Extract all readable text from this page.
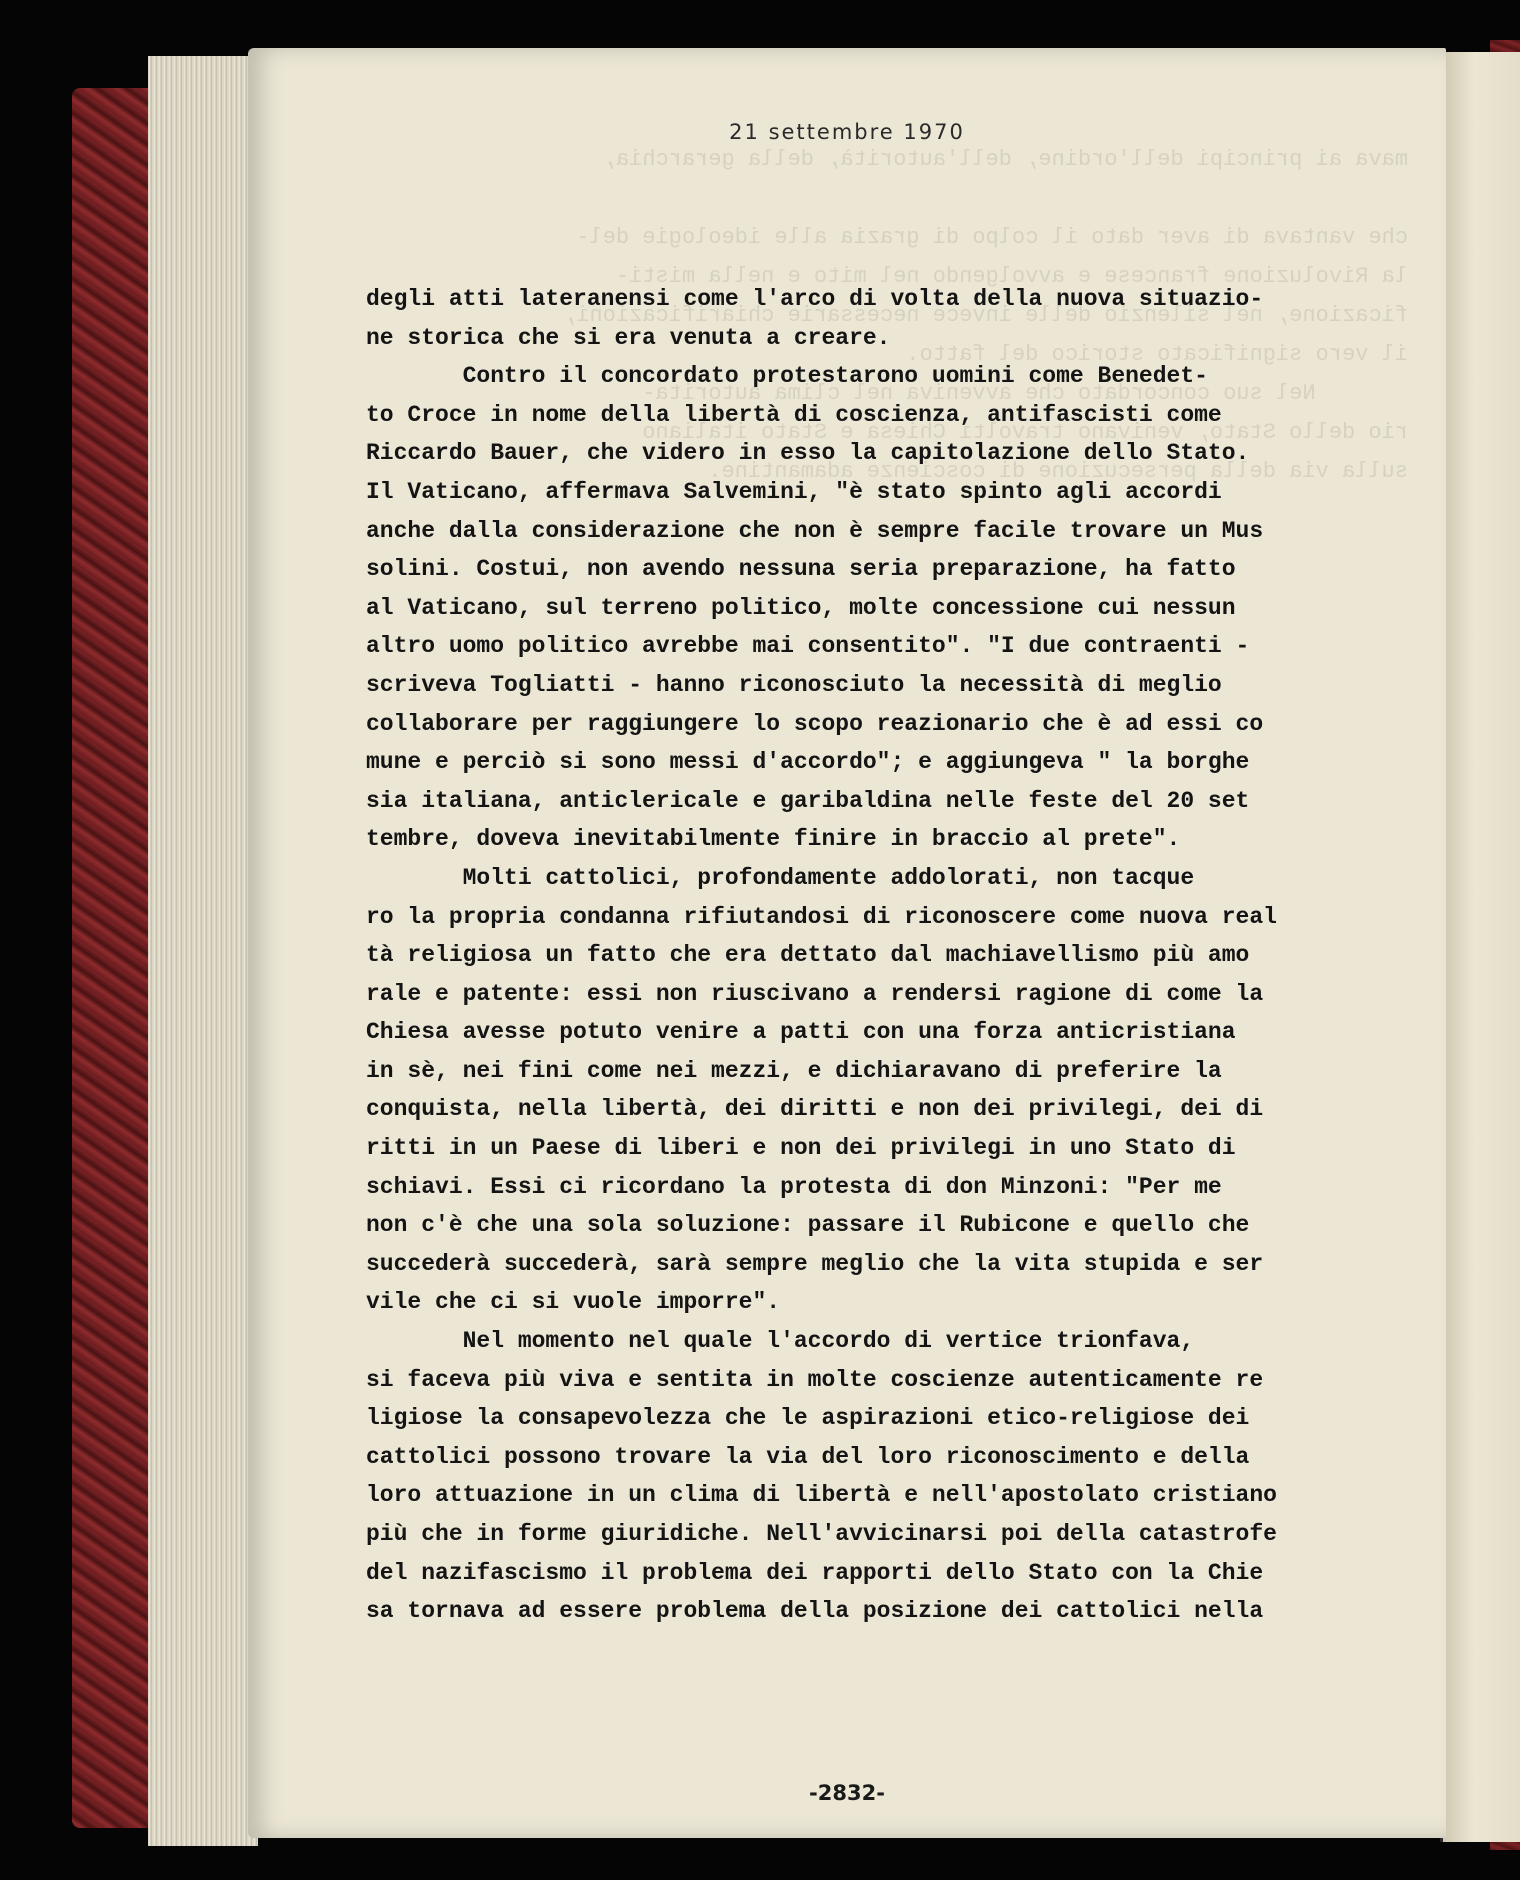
mava ai principi dell'ordine, dell'autorità, della gerarchia,

che vantava di aver dato il colpo di grazia alle ideologie del-
la Rivoluzione francese e avvolgendo nel mito e nella misti-
ficazione, nel silenzio delle invece necessarie chiarificazioni,
il vero significato storico del fatto.
Nel suo concordato che avveniva nel clima autorita-
rio dello Stato, venivano travolti Chiesa e Stato italiano
sulla via della persecuzione di coscienze adamantine.
21 settembre 1970
degli atti lateranensi come l'arco di volta della nuova situazio-
ne storica che si era venuta a creare.
Contro il concordato protestarono uomini come Benedet-
to Croce in nome della libertà di coscienza, antifascisti come
Riccardo Bauer, che videro in esso la capitolazione dello Stato.
Il Vaticano, affermava Salvemini, "è stato spinto agli accordi
anche dalla considerazione che non è sempre facile trovare un Mus
solini. Costui, non avendo nessuna seria preparazione, ha fatto
al Vaticano, sul terreno politico, molte concessione cui nessun
altro uomo politico avrebbe mai consentito". "I due contraenti -
scriveva Togliatti - hanno riconosciuto la necessità di meglio
collaborare per raggiungere lo scopo reazionario che è ad essi co
mune e perciò si sono messi d'accordo"; e aggiungeva " la borghe
sia italiana, anticlericale e garibaldina nelle feste del 20 set
tembre, doveva inevitabilmente finire in braccio al prete".
Molti cattolici, profondamente addolorati, non tacque
ro la propria condanna rifiutandosi di riconoscere come nuova real
tà religiosa un fatto che era dettato dal machiavellismo più amo
rale e patente: essi non riuscivano a rendersi ragione di come la
Chiesa avesse potuto venire a patti con una forza anticristiana
in sè, nei fini come nei mezzi, e dichiaravano di preferire la
conquista, nella libertà, dei diritti e non dei privilegi, dei di
ritti in un Paese di liberi e non dei privilegi in uno Stato di
schiavi. Essi ci ricordano la protesta di don Minzoni: "Per me
non c'è che una sola soluzione: passare il Rubicone e quello che
succederà succederà, sarà sempre meglio che la vita stupida e ser
vile che ci si vuole imporre".
Nel momento nel quale l'accordo di vertice trionfava,
si faceva più viva e sentita in molte coscienze autenticamente re
ligiose la consapevolezza che le aspirazioni etico-religiose dei
cattolici possono trovare la via del loro riconoscimento e della
loro attuazione in un clima di libertà e nell'apostolato cristiano
più che in forme giuridiche. Nell'avvicinarsi poi della catastrofe
del nazifascismo il problema dei rapporti dello Stato con la Chie
sa tornava ad essere problema della posizione dei cattolici nella
-2832-
